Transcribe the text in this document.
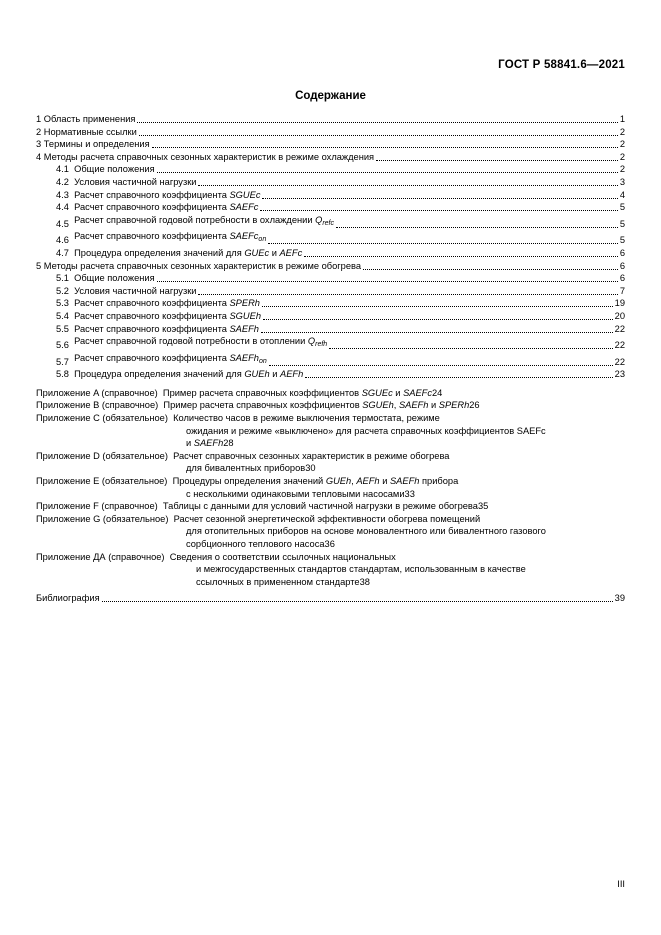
ГОСТ Р 58841.6—2021
Содержание
1 Область применения	1
2 Нормативные ссылки	2
3 Термины и определения	2
4 Методы расчета справочных сезонных характеристик в режиме охлаждения	2
4.1 Общие положения	2
4.2 Условия частичной нагрузки	3
4.3 Расчет справочного коэффициента SGUEc	4
4.4 Расчет справочного коэффициента SAEFc	5
4.5 Расчет справочной годовой потребности в охлаждении $Q_{refc}$	5
4.6 Расчет справочного коэффициента SAEFc$_{on}$	5
4.7 Процедура определения значений для GUEc и AEFc	6
5 Методы расчета справочных сезонных характеристик в режиме обогрева	6
5.1 Общие положения	6
5.2 Условия частичной нагрузки	7
5.3 Расчет справочного коэффициента SPERh	19
5.4 Расчет справочного коэффициента SGUEh	20
5.5 Расчет справочного коэффициента SAEFh	22
5.6 Расчет справочной годовой потребности в отоплении $Q_{refh}$	22
5.7 Расчет справочного коэффициента SAEFh$_{on}$	22
5.8 Процедура определения значений для GUEh и AEFh	23
Приложение A (справочное) Пример расчета справочных коэффициентов SGUEc и SAEFc 24
Приложение B (справочное) Пример расчета справочных коэффициентов SGUEh, SAEFh и SPERh 26
Приложение C (обязательное) Количество часов в режиме выключения термостата, режиме
ожидания и режиме «выключено» для расчета справочных коэффициентов SAEFc
и SAEFh 28
Приложение D (обязательное) Расчет справочных сезонных характеристик в режиме обогрева
для бивалентных приборов 30
Приложение E (обязательное) Процедуры определения значений GUEh, AEFh и SAEFh прибора
с несколькими одинаковыми тепловыми насосами 33
Приложение F (справочное) Таблицы с данными для условий частичной нагрузки в режиме обогрева 35
Приложение G (обязательное) Расчет сезонной энергетической эффективности обогрева помещений
для отопительных приборов на основе моновалентного или бивалентного газового
сорбционного теплового насоса 36
Приложение ДА (справочное) Сведения о соответствии ссылочных национальных
и межгосударственных стандартов стандартам, использованным в качестве
ссылочных в примененном стандарте 38
Библиография	39
III
